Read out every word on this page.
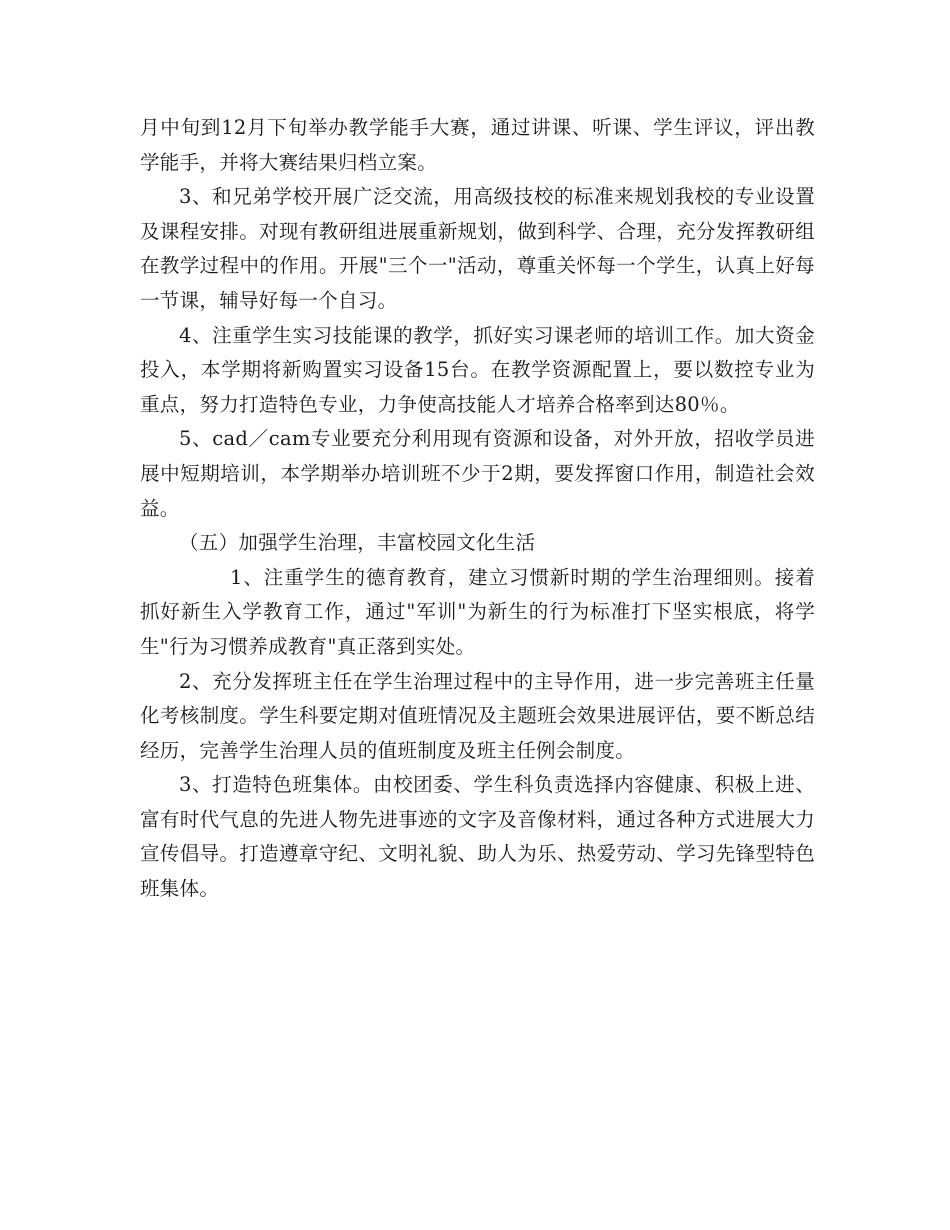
月中旬到12月下旬举办教学能手大赛，通过讲课、听课、学生评议，评出教学能手，并将大赛结果归档立案。

3、和兄弟学校开展广泛交流，用高级技校的标准来规划我校的专业设置及课程安排。对现有教研组进展重新规划，做到科学、合理，充分发挥教研组在教学过程中的作用。开展"三个一"活动，尊重关怀每一个学生，认真上好每一节课，辅导好每一个自习。

4、注重学生实习技能课的教学，抓好实习课老师的培训工作。加大资金投入，本学期将新购置实习设备15台。在教学资源配置上，要以数控专业为重点，努力打造特色专业，力争使高技能人才培养合格率到达80％。

5、cad／cam专业要充分利用现有资源和设备，对外开放，招收学员进展中短期培训，本学期举办培训班不少于2期，要发挥窗口作用，制造社会效益。

（五）加强学生治理，丰富校园文化生活

1、注重学生的德育教育，建立习惯新时期的学生治理细则。接着抓好新生入学教育工作，通过"军训"为新生的行为标准打下坚实根底，将学生"行为习惯养成教育"真正落到实处。

2、充分发挥班主任在学生治理过程中的主导作用，进一步完善班主任量化考核制度。学生科要定期对值班情况及主题班会效果进展评估，要不断总结经历，完善学生治理人员的值班制度及班主任例会制度。

3、打造特色班集体。由校团委、学生科负责选择内容健康、积极上进、富有时代气息的先进人物先进事迹的文字及音像材料，通过各种方式进展大力宣传倡导。打造遵章守纪、文明礼貌、助人为乐、热爱劳动、学习先锋型特色班集体。
